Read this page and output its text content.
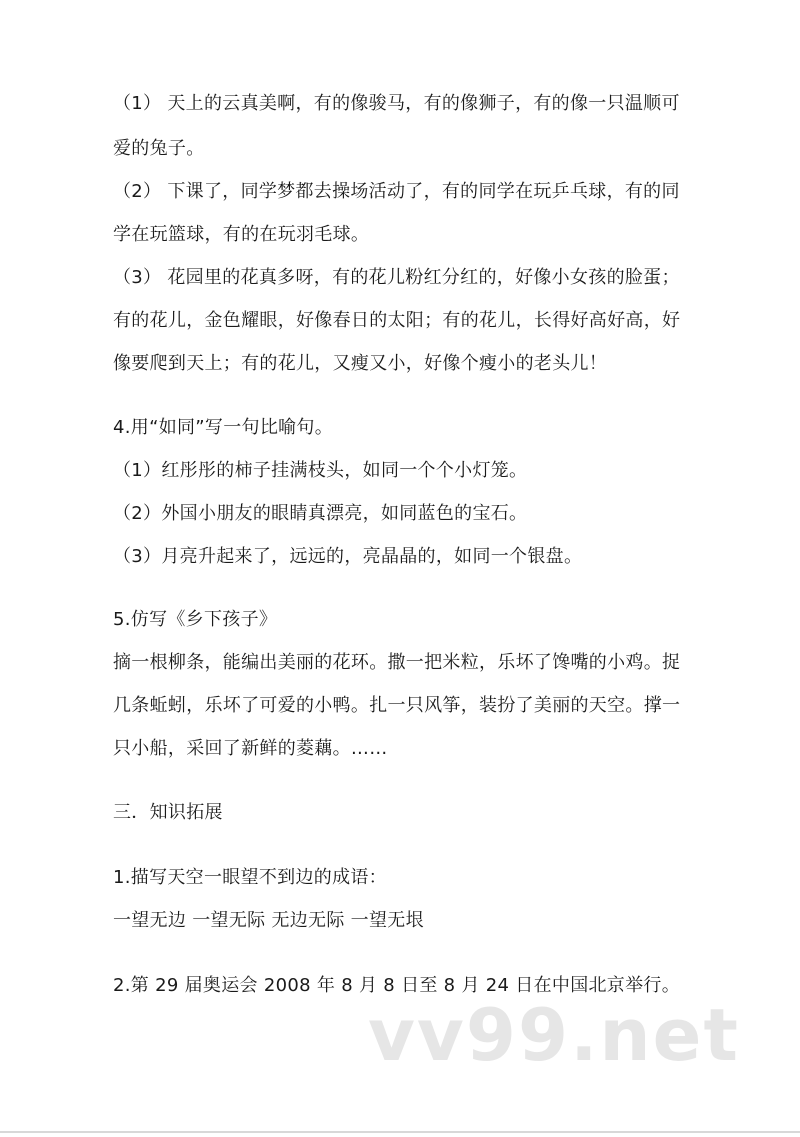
（1） 天上的云真美啊，有的像骏马，有的像狮子，有的像一只温顺可
爱的兔子。
（2） 下课了，同学梦都去操场活动了，有的同学在玩乒乓球，有的同
学在玩篮球，有的在玩羽毛球。
（3） 花园里的花真多呀，有的花儿粉红分红的，好像小女孩的脸蛋；
有的花儿，金色耀眼，好像春日的太阳；有的花儿，长得好高好高，好
像要爬到天上；有的花儿，又瘦又小，好像个瘦小的老头儿！
4.用“如同”写一句比喻句。
（1）红彤彤的柿子挂满枝头，如同一个个小灯笼。
（2）外国小朋友的眼睛真漂亮，如同蓝色的宝石。
（3）月亮升起来了，远远的，亮晶晶的，如同一个银盘。
5.仿写《乡下孩子》
摘一根柳条，能编出美丽的花环。撒一把米粒，乐坏了馋嘴的小鸡。捉
几条蚯蚓，乐坏了可爱的小鸭。扎一只风筝，装扮了美丽的天空。撑一
只小船，采回了新鲜的菱藕。……
三．知识拓展
1.描写天空一眼望不到边的成语：
一望无边 一望无际 无边无际 一望无垠
2.第 29 届奥运会 2008 年 8 月 8 日至 8 月 24 日在中国北京举行。
vv99.net
